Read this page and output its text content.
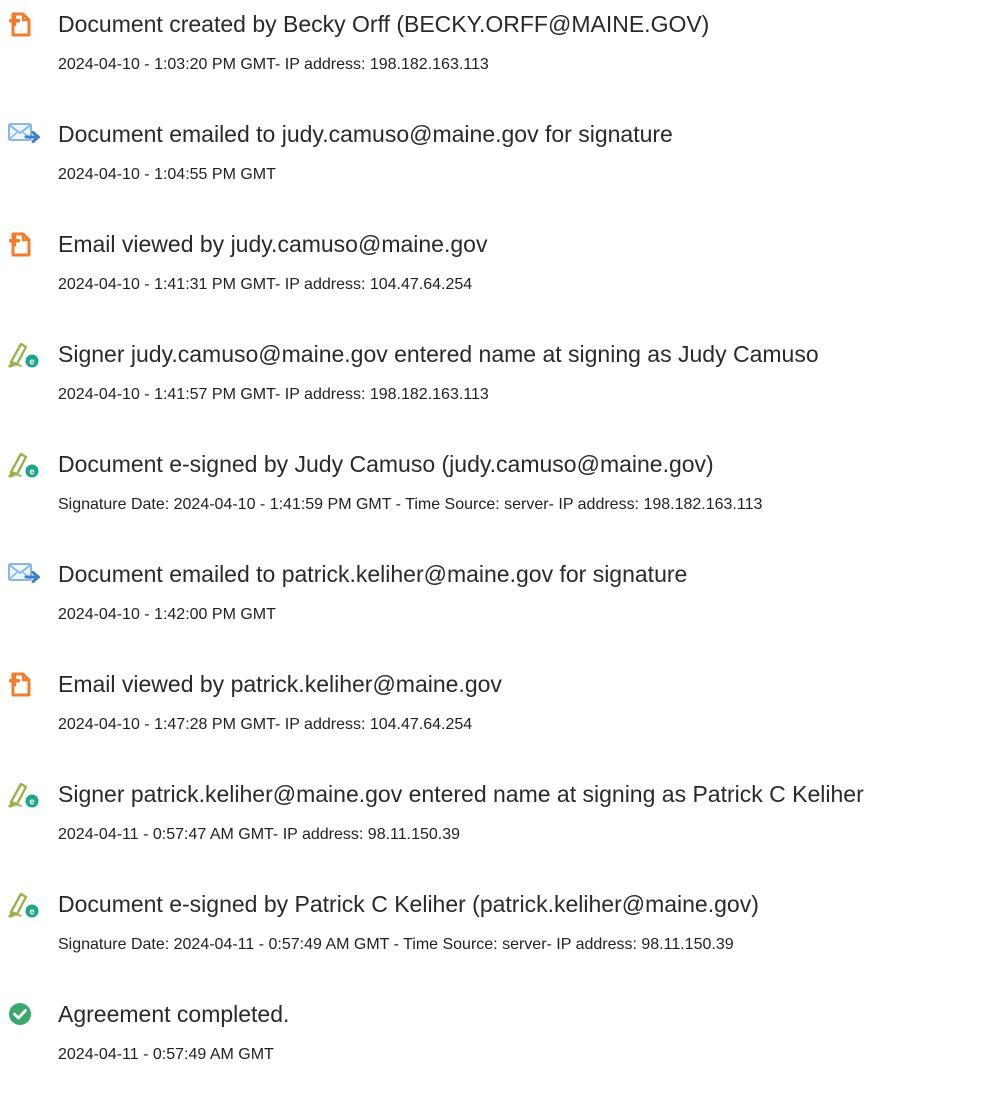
Document created by Becky Orff (BECKY.ORFF@MAINE.GOV)
2024-04-10 - 1:03:20 PM GMT- IP address: 198.182.163.113
Document emailed to judy.camuso@maine.gov for signature
2024-04-10 - 1:04:55 PM GMT
Email viewed by judy.camuso@maine.gov
2024-04-10 - 1:41:31 PM GMT- IP address: 104.47.64.254
e Signer judy.camuso@maine.gov entered name at signing as Judy Camuso
2024-04-10 - 1:41:57 PM GMT- IP address: 198.182.163.113
e Document e-signed by Judy Camuso (judy.camuso@maine.gov)
Signature Date: 2024-04-10 - 1:41:59 PM GMT - Time Source: server- IP address: 198.182.163.113
Document emailed to patrick.keliher@maine.gov for signature
2024-04-10 - 1:42:00 PM GMT
Email viewed by patrick.keliher@maine.gov
2024-04-10 - 1:47:28 PM GMT- IP address: 104.47.64.254
e Signer patrick.keliher@maine.gov entered name at signing as Patrick C Keliher
2024-04-11 - 0:57:47 AM GMT- IP address: 98.11.150.39
e Document e-signed by Patrick C Keliher (patrick.keliher@maine.gov)
Signature Date: 2024-04-11 - 0:57:49 AM GMT - Time Source: server- IP address: 98.11.150.39
Agreement completed.
2024-04-11 - 0:57:49 AM GMT
